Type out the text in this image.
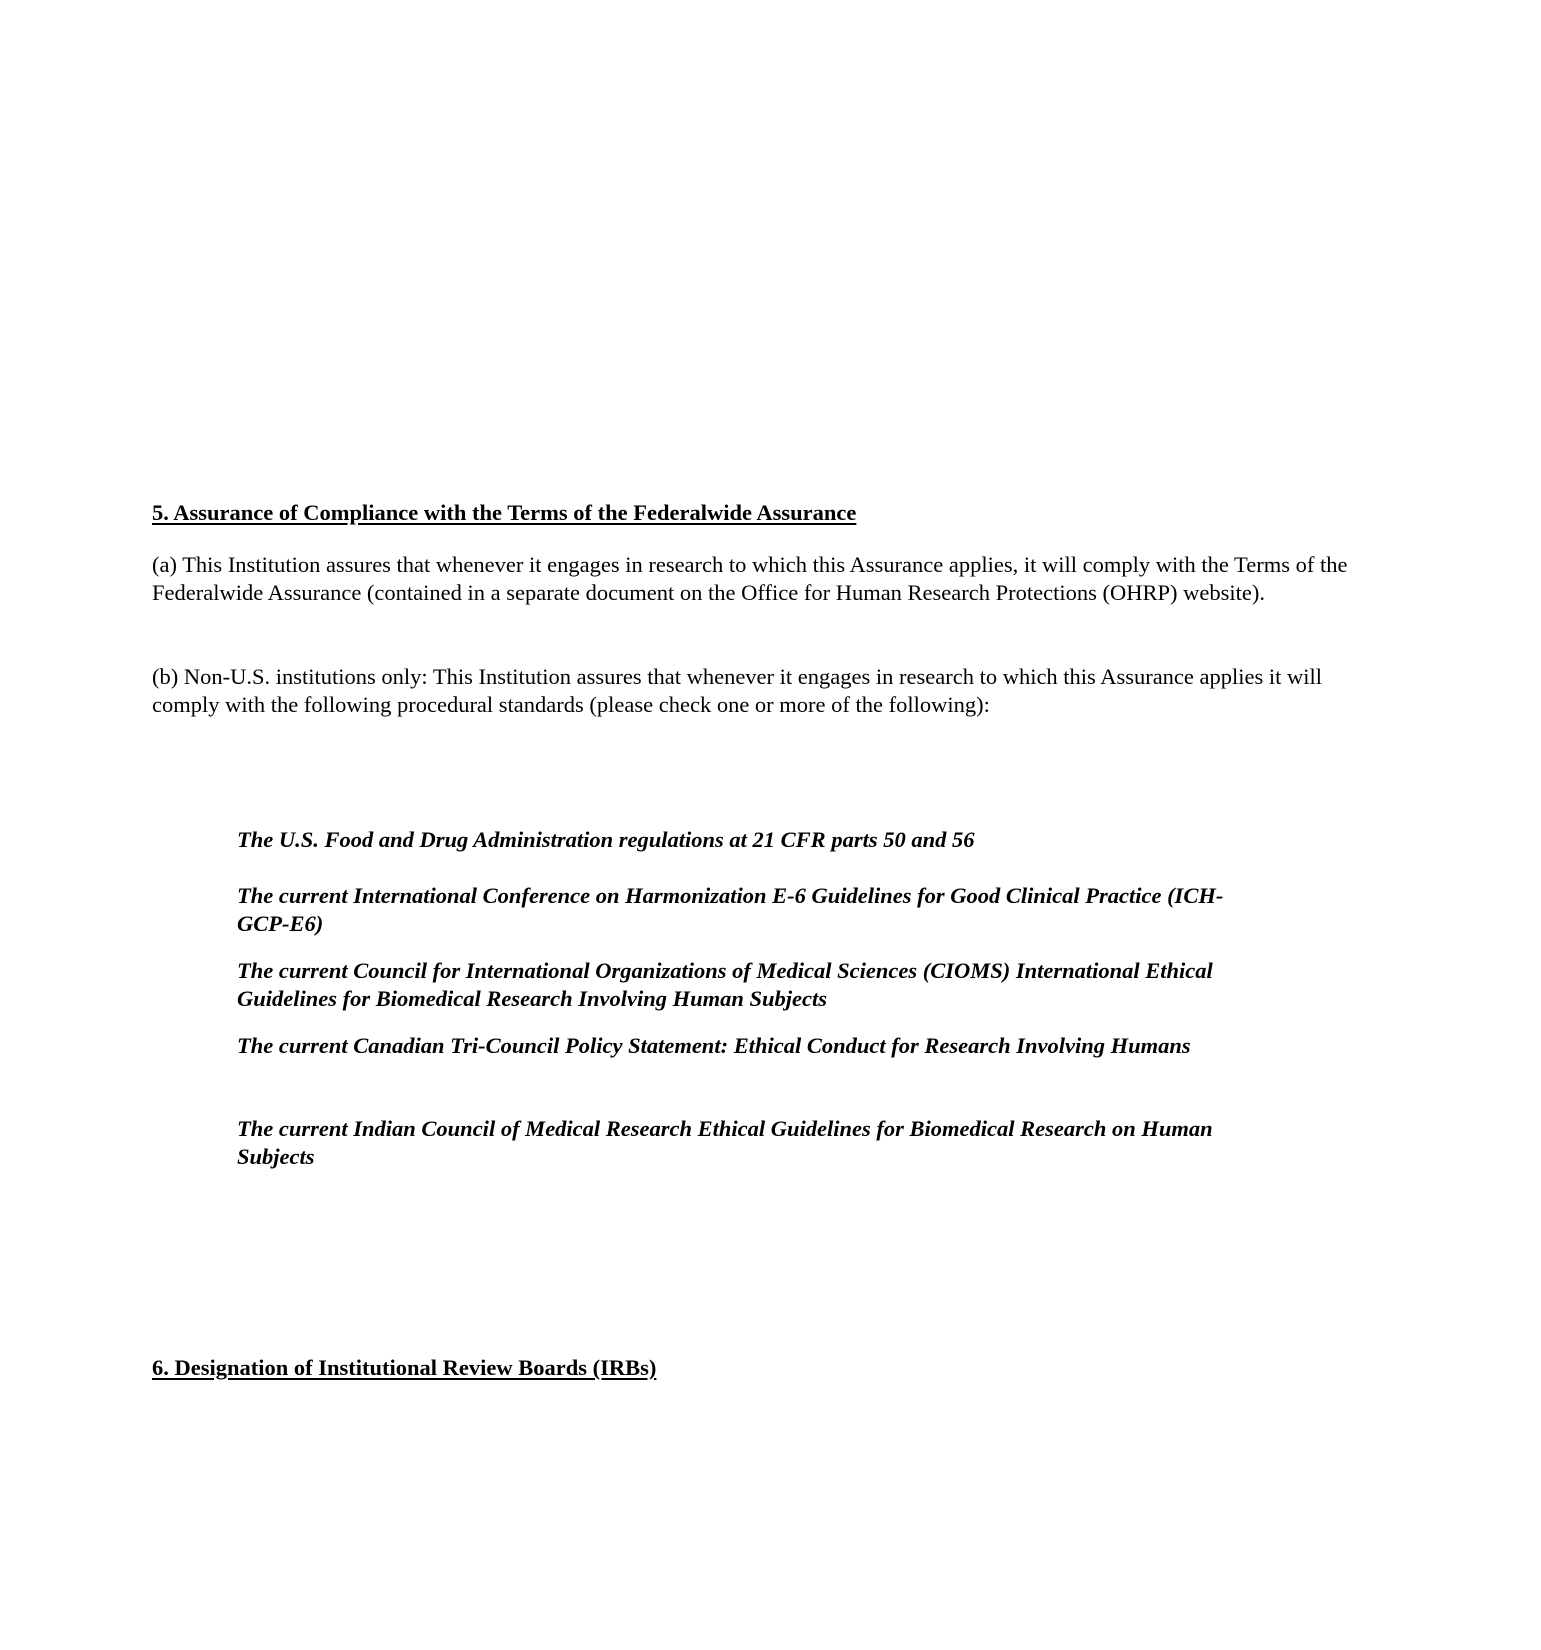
5. Assurance of Compliance with the Terms of the Federalwide Assurance

(a) This Institution assures that whenever it engages in research to which this Assurance applies, it will comply with the Terms of the Federalwide Assurance (contained in a separate document on the Office for Human Research Protections (OHRP) website).

(b) Non-U.S. institutions only: This Institution assures that whenever it engages in research to which this Assurance applies it will comply with the following procedural standards (please check one or more of the following):

The U.S. Food and Drug Administration regulations at 21 CFR parts 50 and 56

The current International Conference on Harmonization E-6 Guidelines for Good Clinical Practice (ICH-GCP-E6)

The current Council for International Organizations of Medical Sciences (CIOMS) International Ethical Guidelines for Biomedical Research Involving Human Subjects

The current Canadian Tri-Council Policy Statement: Ethical Conduct for Research Involving Humans

The current Indian Council of Medical Research Ethical Guidelines for Biomedical Research on Human Subjects

6. Designation of Institutional Review Boards (IRBs)
